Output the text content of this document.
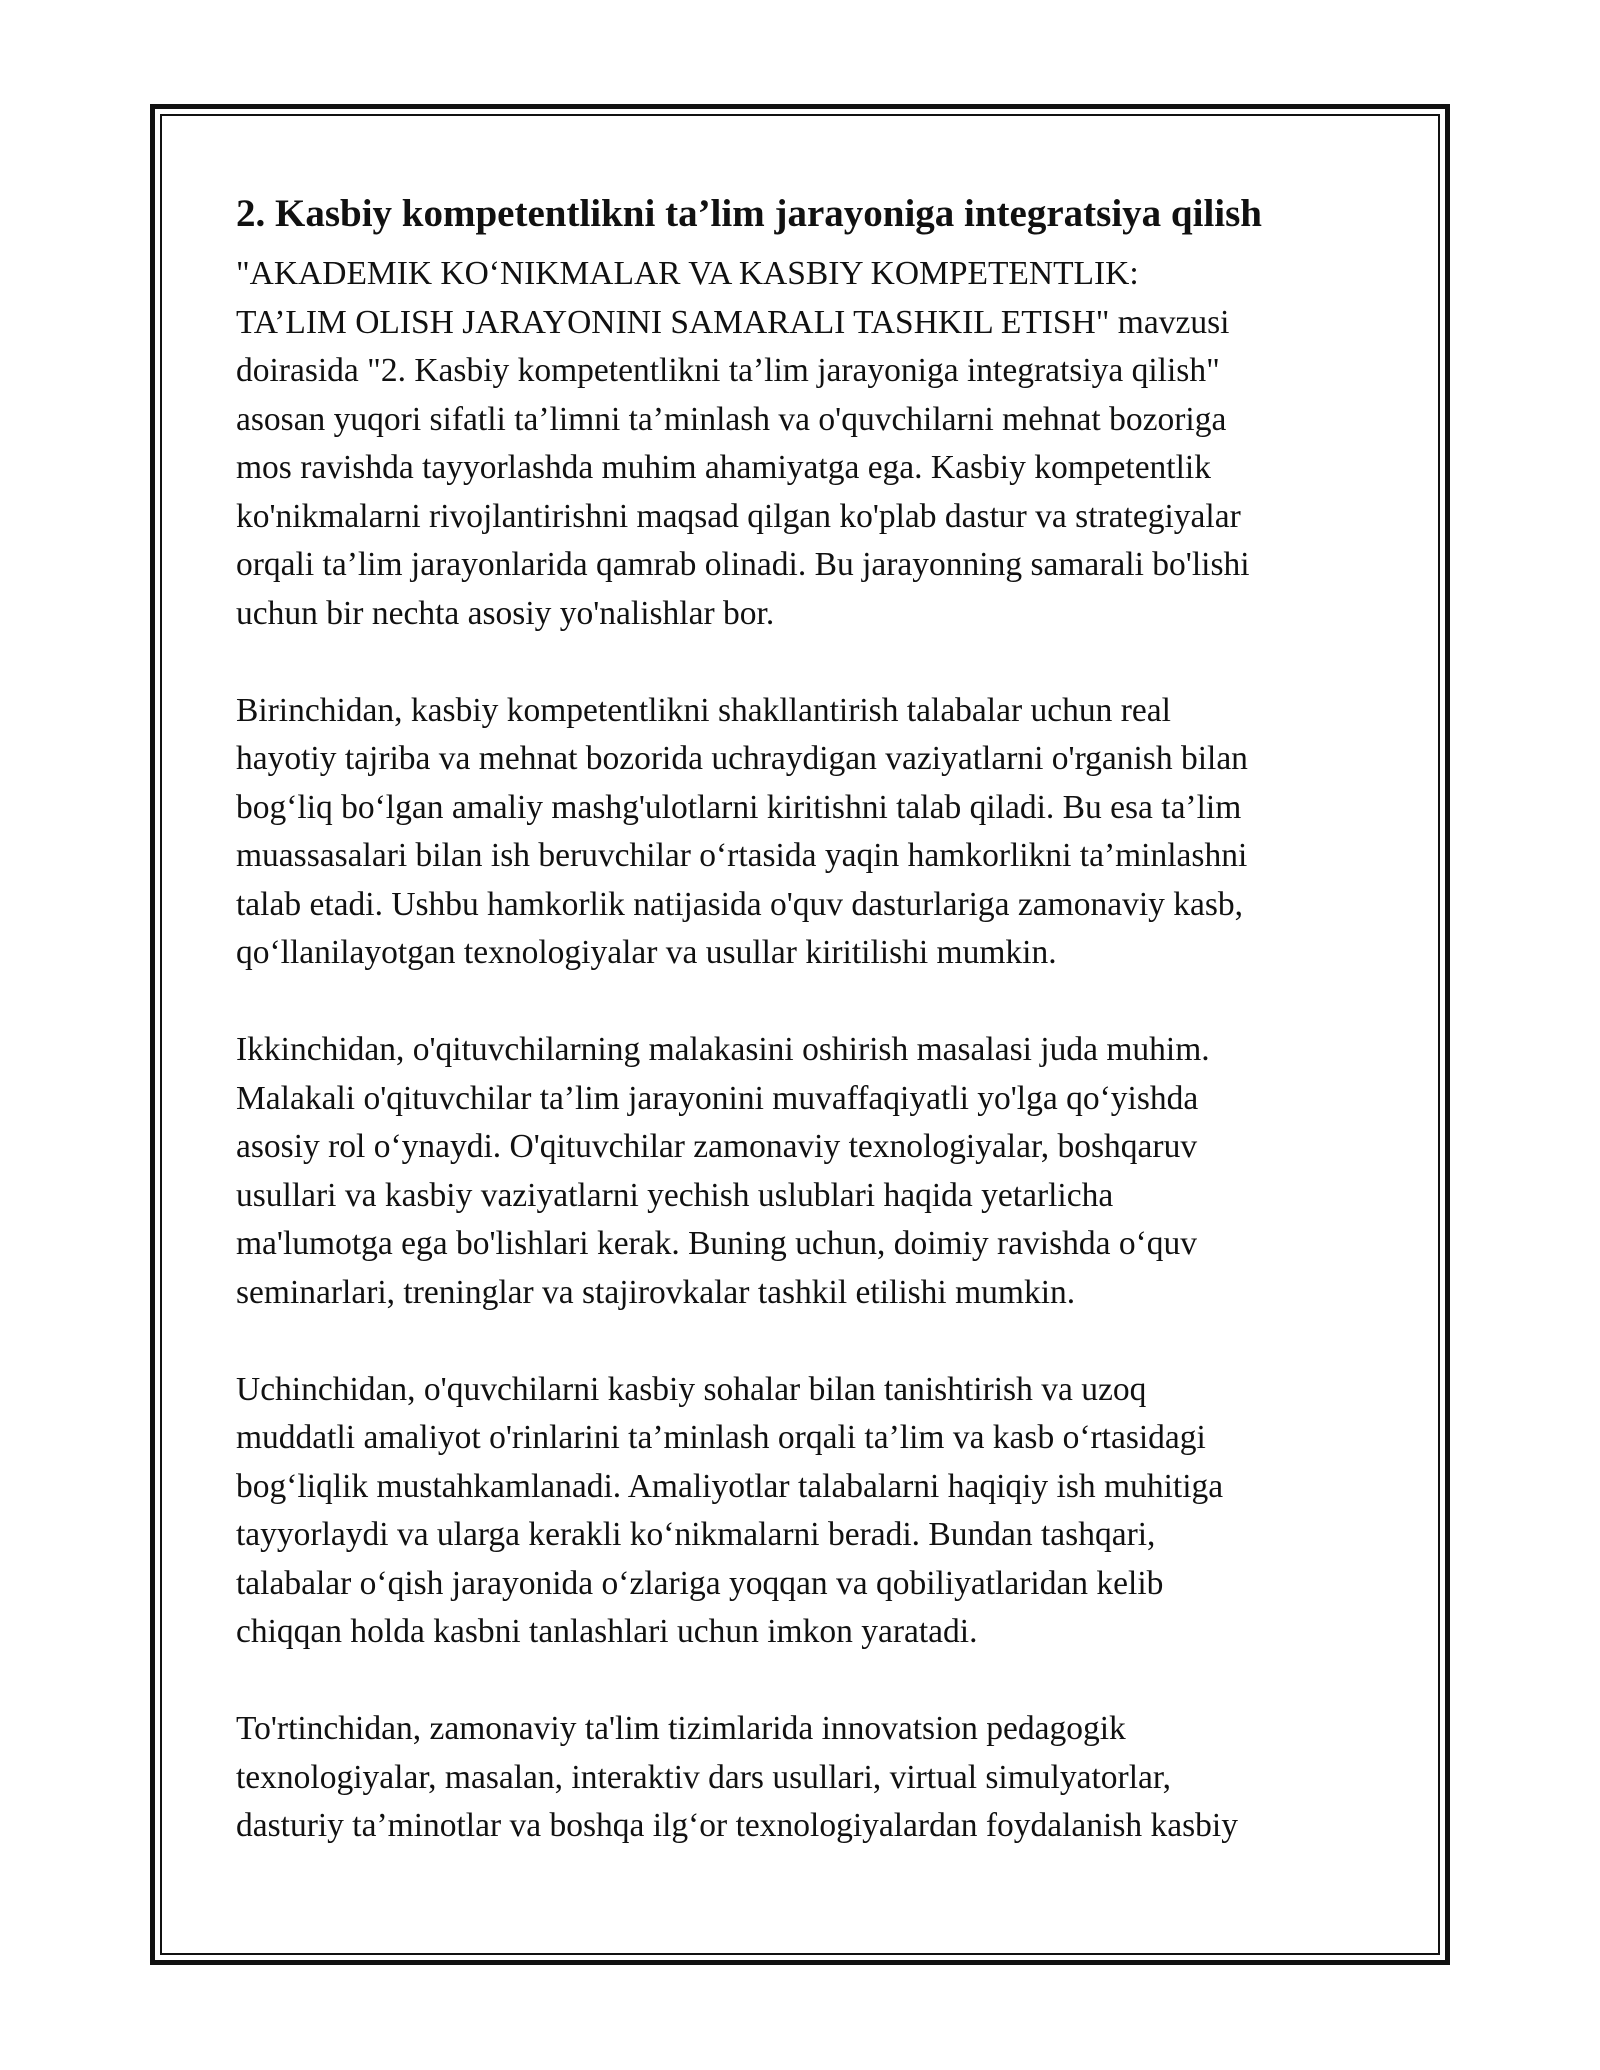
2. Kasbiy kompetentlikni ta’lim jarayoniga integratsiya qilish

"AKADEMIK KO‘NIKMALAR VA KASBIY KOMPETENTLIK:
TA’LIM OLISH JARAYONINI SAMARALI TASHKIL ETISH" mavzusi
doirasida "2. Kasbiy kompetentlikni ta’lim jarayoniga integratsiya qilish"
asosan yuqori sifatli ta’limni ta’minlash va o'quvchilarni mehnat bozoriga
mos ravishda tayyorlashda muhim ahamiyatga ega. Kasbiy kompetentlik
ko'nikmalarni rivojlantirishni maqsad qilgan ko'plab dastur va strategiyalar
orqali ta’lim jarayonlarida qamrab olinadi. Bu jarayonning samarali bo'lishi
uchun bir nechta asosiy yo'nalishlar bor.

Birinchidan, kasbiy kompetentlikni shakllantirish talabalar uchun real
hayotiy tajriba va mehnat bozorida uchraydigan vaziyatlarni o'rganish bilan
bog‘liq bo‘lgan amaliy mashg'ulotlarni kiritishni talab qiladi. Bu esa ta’lim
muassasalari bilan ish beruvchilar o‘rtasida yaqin hamkorlikni ta’minlashni
talab etadi. Ushbu hamkorlik natijasida o'quv dasturlariga zamonaviy kasb,
qo‘llanilayotgan texnologiyalar va usullar kiritilishi mumkin.

Ikkinchidan, o'qituvchilarning malakasini oshirish masalasi juda muhim.
Malakali o'qituvchilar ta’lim jarayonini muvaffaqiyatli yo'lga qo‘yishda
asosiy rol o‘ynaydi. O'qituvchilar zamonaviy texnologiyalar, boshqaruv
usullari va kasbiy vaziyatlarni yechish uslublari haqida yetarlicha
ma'lumotga ega bo'lishlari kerak. Buning uchun, doimiy ravishda o‘quv
seminarlari, treninglar va stajirovkalar tashkil etilishi mumkin.

Uchinchidan, o'quvchilarni kasbiy sohalar bilan tanishtirish va uzoq
muddatli amaliyot o'rinlarini ta’minlash orqali ta’lim va kasb o‘rtasidagi
bog‘liqlik mustahkamlanadi. Amaliyotlar talabalarni haqiqiy ish muhitiga
tayyorlaydi va ularga kerakli ko‘nikmalarni beradi. Bundan tashqari,
talabalar o‘qish jarayonida o‘zlariga yoqqan va qobiliyatlaridan kelib
chiqqan holda kasbni tanlashlari uchun imkon yaratadi.

To'rtinchidan, zamonaviy ta'lim tizimlarida innovatsion pedagogik
texnologiyalar, masalan, interaktiv dars usullari, virtual simulyatorlar,
dasturiy ta’minotlar va boshqa ilg‘or texnologiyalardan foydalanish kasbiy
